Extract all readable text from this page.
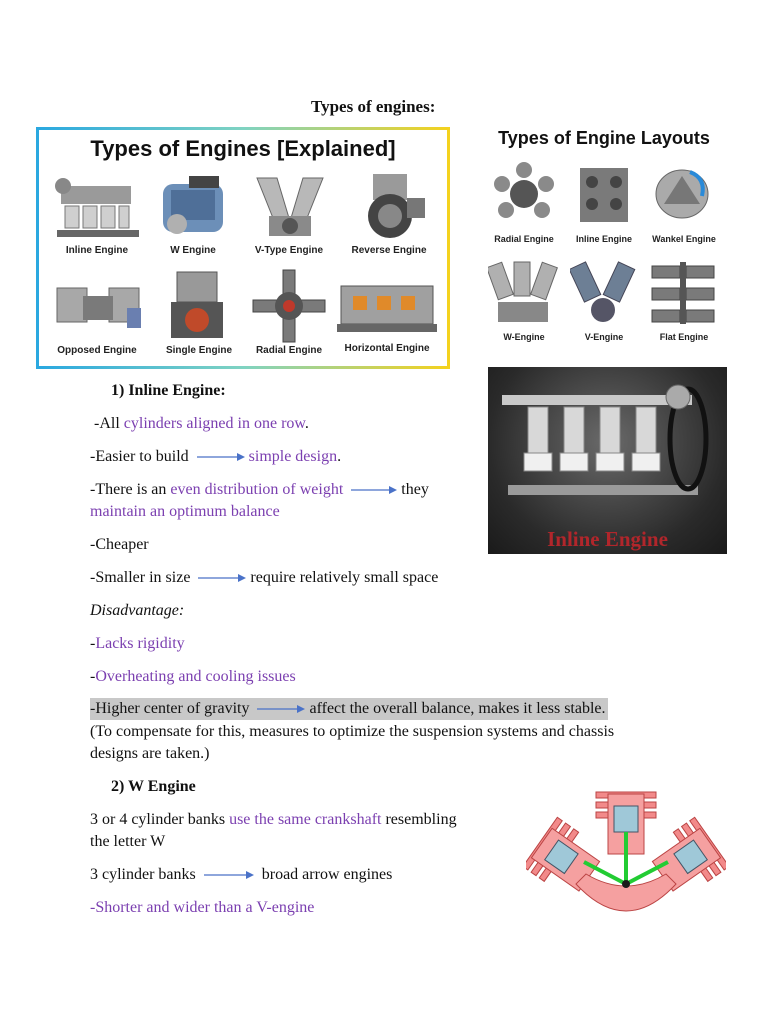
Types of engines:
Types of Engines [Explained]
Inline Engine	W Engine	V-Type Engine	Reverse Engine
Opposed Engine	Single Engine	Radial Engine	Horizontal Engine
Types of Engine Layouts
Radial Engine	Inline Engine	Wankel Engine
W-Engine	V-Engine	Flat Engine
Inline Engine
1) Inline Engine:
-All cylinders aligned in one row.
-Easier to build	simple design.
-There is an even distribution of weight	they
maintain an optimum balance
-Cheaper
-Smaller in size	require relatively small space
Disadvantage:
-Lacks rigidity
-Overheating and cooling issues
-Higher center of gravity	affect the overall balance, makes it less stable.
(To compensate for this, measures to optimize the suspension systems and chassis
designs are taken.)
2) W Engine
3 or 4 cylinder banks use the same crankshaft resembling
the letter W
3 cylinder banks	broad arrow engines
-Shorter and wider than a V-engine
